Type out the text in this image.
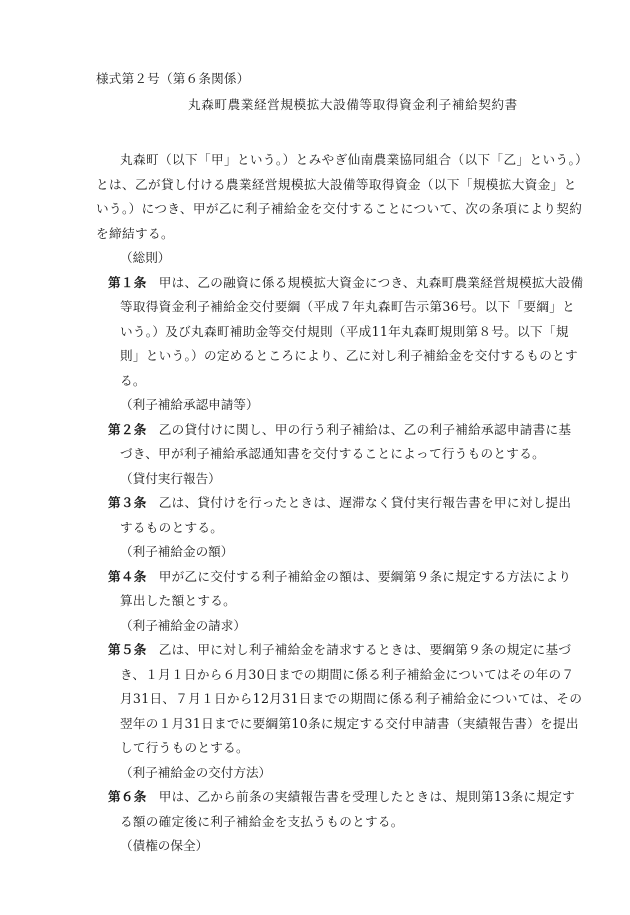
様式第２号（第６条関係）
丸森町農業経営規模拡大設備等取得資金利子補給契約書

丸森町（以下「甲」という。）とみやぎ仙南農業協同組合（以下「乙」という。）とは、乙が貸し付ける農業経営規模拡大設備等取得資金（以下「規模拡大資金」という。）につき、甲が乙に利子補給金を交付することについて、次の条項により契約を締結する。

（総則）

第１条 甲は、乙の融資に係る規模拡大資金につき、丸森町農業経営規模拡大設備等取得資金利子補給金交付要綱（平成７年丸森町告示第36号。以下「要綱」という。）及び丸森町補助金等交付規則（平成11年丸森町規則第８号。以下「規則」という。）の定めるところにより、乙に対し利子補給金を交付するものとする。

（利子補給承認申請等）

第２条 乙の貸付けに関し、甲の行う利子補給は、乙の利子補給承認申請書に基づき、甲が利子補給承認通知書を交付することによって行うものとする。

（貸付実行報告）

第３条 乙は、貸付けを行ったときは、遅滞なく貸付実行報告書を甲に対し提出するものとする。

（利子補給金の額）

第４条 甲が乙に交付する利子補給金の額は、要綱第９条に規定する方法により算出した額とする。

（利子補給金の請求）

第５条 乙は、甲に対し利子補給金を請求するときは、要綱第９条の規定に基づき、１月１日から６月30日までの期間に係る利子補給金についてはその年の７月31日、７月１日から12月31日までの期間に係る利子補給金については、その翌年の１月31日までに要綱第10条に規定する交付申請書（実績報告書）を提出して行うものとする。

（利子補給金の交付方法）

第６条 甲は、乙から前条の実績報告書を受理したときは、規則第13条に規定する額の確定後に利子補給金を支払うものとする。

（債権の保全）
